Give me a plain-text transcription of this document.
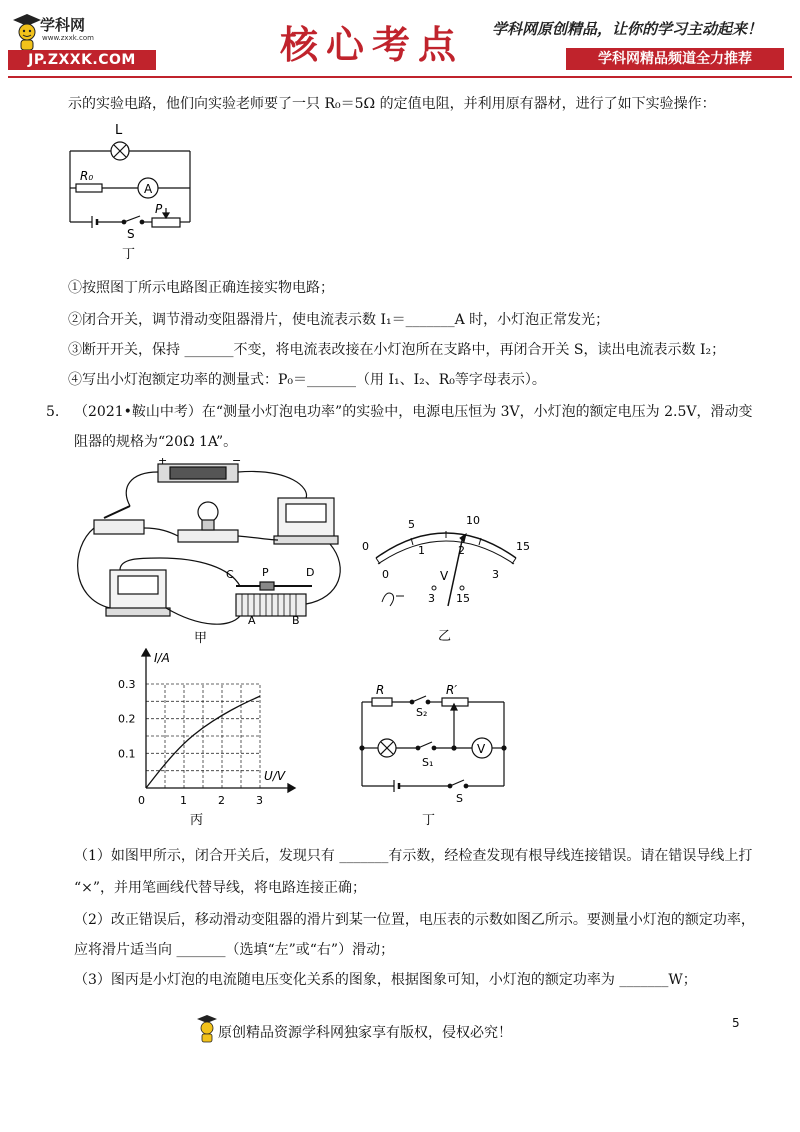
学科网
www.zxxk.com
JP.ZXXK.COM	核心考点 学科网原创精品，让你的学习主动起来！
学科网精品频道全力推荐
示的实验电路，他们向实验老师要了一只 R₀＝5Ω 的定值电阻，并利用原有器材，进行了如下实验操作：
L
R₀
A
P
S
丁
①按照图丁所示电路图正确连接实物电路；
②闭合开关，调节滑动变阻器滑片，使电流表示数 I₁＝_______A 时，小灯泡正常发光；
③断开开关，保持 _______不变，将电流表改接在小灯泡所在支路中，再闭合开关 S，读出电流表示数 I₂；
④写出小灯泡额定功率的测量式：P₀＝_______（用 I₁、I₂、R₀等字母表示）。
5. （2021•鞍山中考）在“测量小灯泡电功率”的实验中，电源电压恒为 3V，小灯泡的额定电压为 2.5V，滑动变
阻器的规格为“20Ω 1A”。
+	−
C	P	D
A	B
甲
0
5	10
15
0
1	2
3
V
3 15
乙
1	2	3
0.1
0.2
0.3
I/A
U/V
0
丙
R	R′
S₂
S₁
V
S
丁
（1）如图甲所示，闭合开关后，发现只有 _______有示数，经检查发现有根导线连接错误。请在错误导线上打
“×”，并用笔画线代替导线，将电路连接正确；
（2）改正错误后，移动滑动变阻器的滑片到某一位置，电压表的示数如图乙所示。要测量小灯泡的额定功率，
应将滑片适当向 _______（选填“左”或“右”）滑动；
（3）图丙是小灯泡的电流随电压变化关系的图象，根据图象可知，小灯泡的额定功率为 _______W；
原创精品资源学科网独家享有版权，侵权必究！
5
